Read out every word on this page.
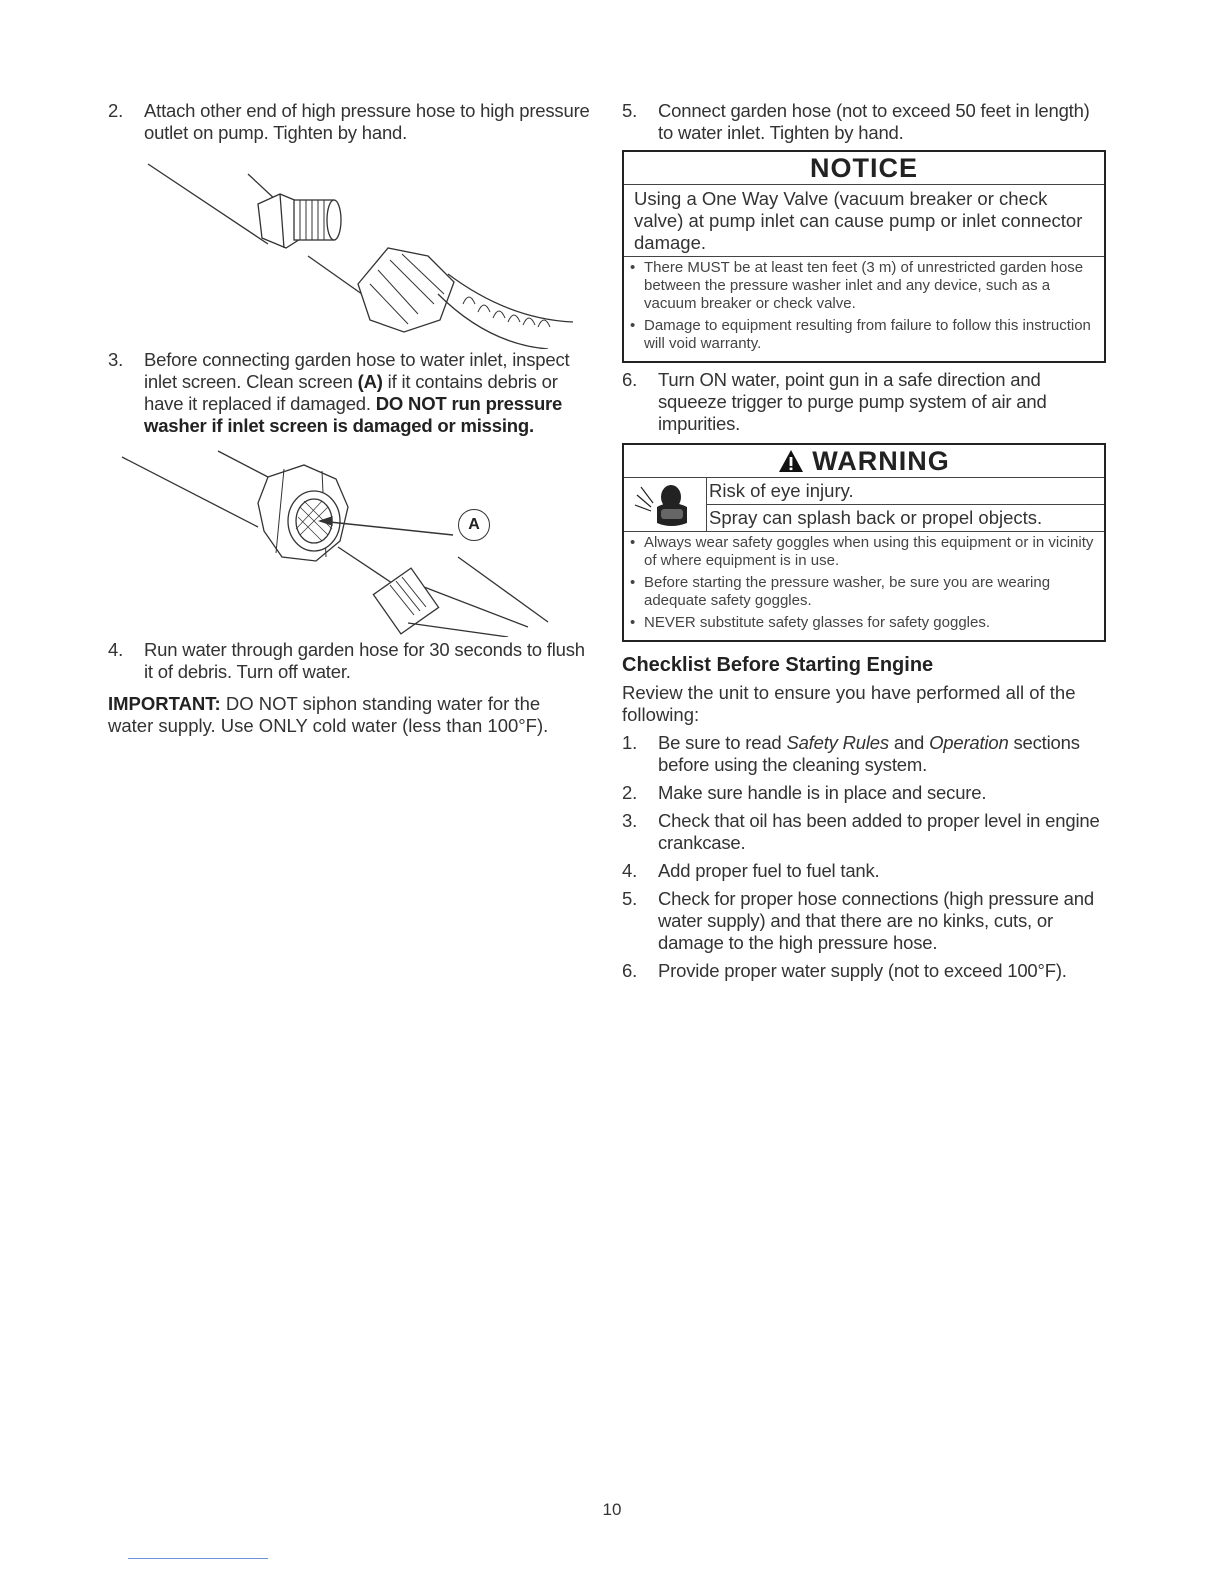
2.	Attach other end of high pressure hose to high pressure outlet on pump. Tighten by hand.
3.	Before connecting garden hose to water inlet, inspect inlet screen. Clean screen (A) if it contains debris or have it replaced if damaged. DO NOT run pressure washer if inlet screen is damaged or missing.
A
4.	Run water through garden hose for 30 seconds to flush it of debris. Turn off water.
IMPORTANT: DO NOT siphon standing water for the water supply. Use ONLY cold water (less than 100°F).
5.	Connect garden hose (not to exceed 50 feet in length) to water inlet. Tighten by hand.
NOTICE
Using a One Way Valve (vacuum breaker or check valve) at pump inlet can cause pump or inlet connector damage.
• There MUST be at least ten feet (3 m) of unrestricted garden hose between the pressure washer inlet and any device, such as a vacuum breaker or check valve.
• Damage to equipment resulting from failure to follow this instruction will void warranty.
6.	Turn ON water, point gun in a safe direction and squeeze trigger to purge pump system of air and impurities.
WARNING
Risk of eye injury.
Spray can splash back or propel objects.
• Always wear safety goggles when using this equipment or in vicinity of where equipment is in use.
• Before starting the pressure washer, be sure you are wearing adequate safety goggles.
• NEVER substitute safety glasses for safety goggles.
Checklist Before Starting Engine
Review the unit to ensure you have performed all of the following:
1.	Be sure to read Safety Rules and Operation sections before using the cleaning system.
2.	Make sure handle is in place and secure.
3.	Check that oil has been added to proper level in engine crankcase.
4.	Add proper fuel to fuel tank.
5.	Check for proper hose connections (high pressure and water supply) and that there are no kinks, cuts, or damage to the high pressure hose.
6.	Provide proper water supply (not to exceed 100°F).
10
